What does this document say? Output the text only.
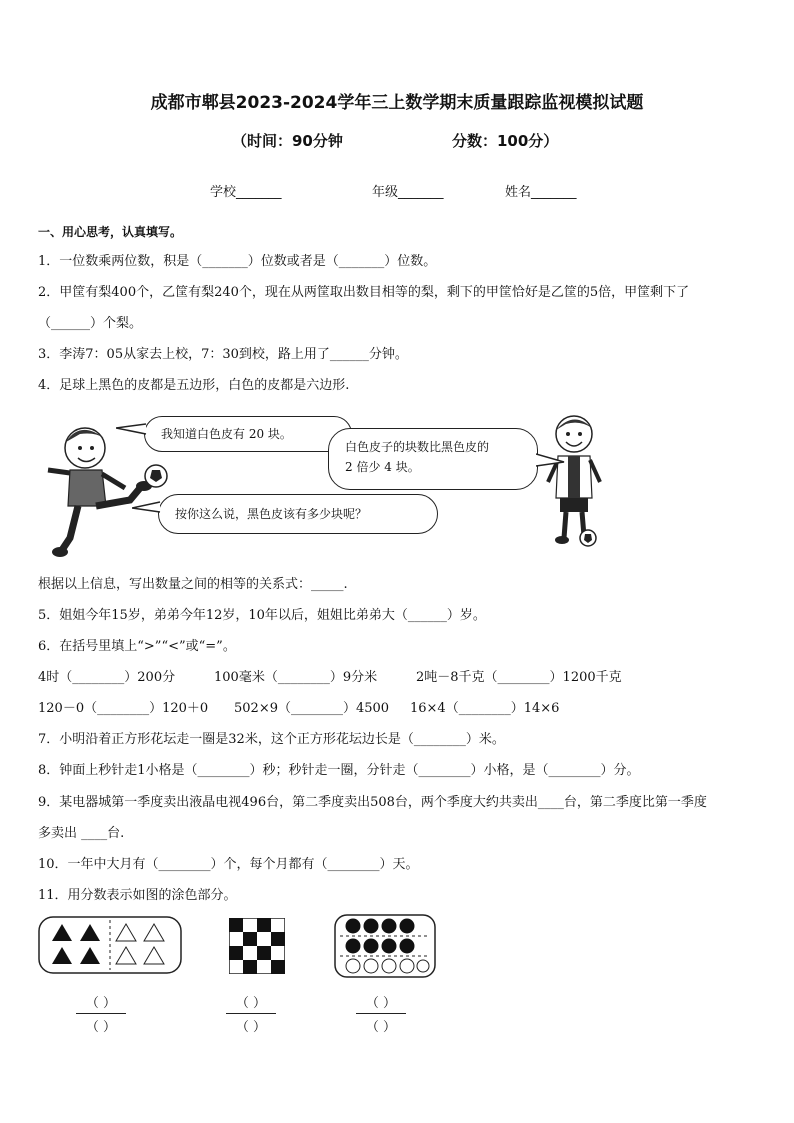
成都市郫县2023-2024学年三上数学期末质量跟踪监视模拟试题
（时间：90分钟	分数：100分）
学校_______	年级_______	姓名_______
一、用心思考，认真填写。
1．一位数乘两位数，积是（_______）位数或者是（_______）位数。
2．甲筐有梨400个，乙筐有梨240个，现在从两筐取出数目相等的梨，剩下的甲筐恰好是乙筐的5倍，甲筐剩下了
（______）个梨。
3．李涛7：05从家去上校，7：30到校，路上用了______分钟。
4．足球上黑色的皮都是五边形，白色的皮都是六边形.
我知道白色皮有 20 块。
白色皮子的块数比黑色皮的
2 倍少 4 块。
按你这么说，黑色皮该有多少块呢？
根据以上信息，写出数量之间的相等的关系式：_____.
5．姐姐今年15岁，弟弟今年12岁，10年以后，姐姐比弟弟大（______）岁。
6．在括号里填上“>”“<”或“=”。
4时（________）200分	100毫米（________）9分米	2吨－8千克（________）1200千克
120－0（________）120＋0 502×9（________）4500 16×4（________）14×6
7．小明沿着正方形花坛走一圈是32米，这个正方形花坛边长是（________）米。
8．钟面上秒针走1小格是（________）秒；秒针走一圈，分针走（________）小格，是（________）分。
9．某电器城第一季度卖出液晶电视496台，第二季度卖出508台，两个季度大约共卖出____台，第二季度比第一季度
多卖出 ____台.
10．一年中大月有（________）个，每个月都有（________）天。
11．用分数表示如图的涂色部分。
（ ）
（ ）
（ ）
（ ）
（ ）
（ ）
